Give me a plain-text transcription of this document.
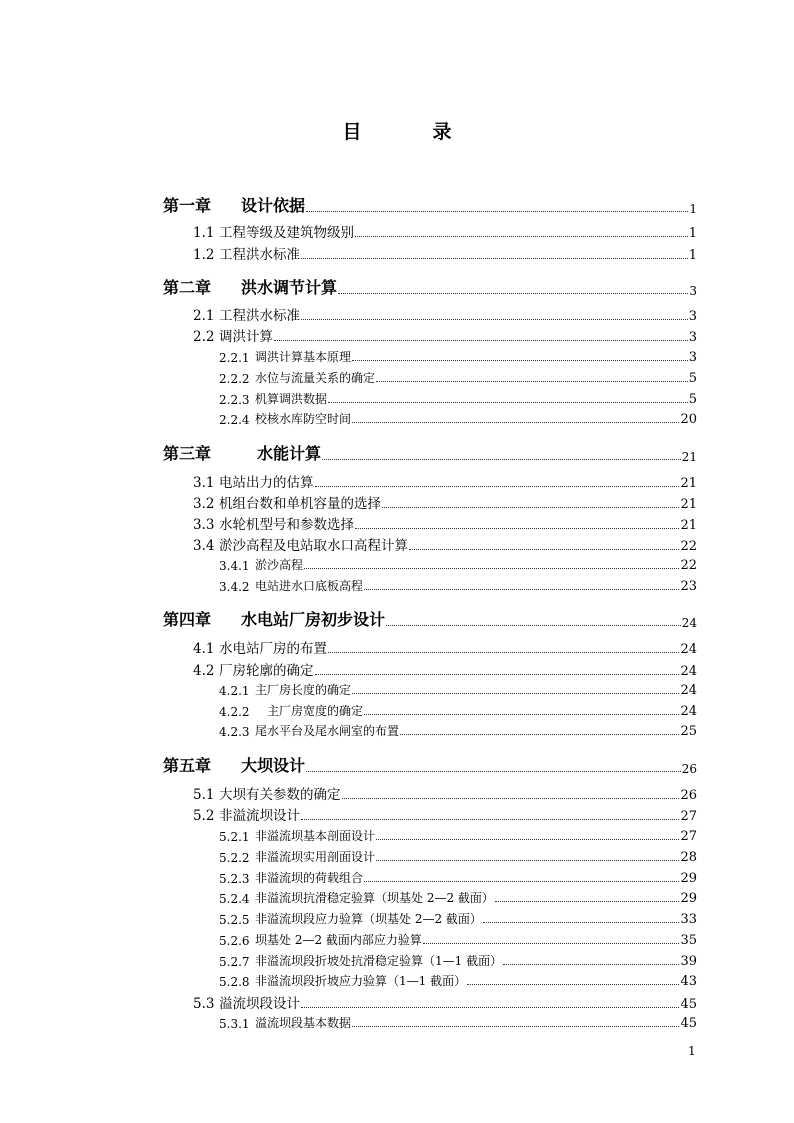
目　录
第一章	设计依据	1
1.1 工程等级及建筑物级别	1
1.2 工程洪水标准	1
第二章	洪水调节计算	3
2.1 工程洪水标准	3
2.2 调洪计算	3
2.2.1 调洪计算基本原理	3
2.2.2 水位与流量关系的确定	5
2.2.3 机算调洪数据	5
2.2.4 校核水库防空时间	20
第三章	　水能计算	21
3.1 电站出力的估算	21
3.2 机组台数和单机容量的选择	21
3.3 水轮机型号和参数选择	21
3.4 淤沙高程及电站取水口高程计算	22
3.4.1 淤沙高程	22
3.4.2 电站进水口底板高程	23
第四章	水电站厂房初步设计	24
4.1 水电站厂房的布置	24
4.2 厂房轮廓的确定	24
4.2.1 主厂房长度的确定	24
4.2.2 　主厂房宽度的确定	24
4.2.3 尾水平台及尾水闸室的布置	25
第五章	大坝设计	26
5.1 大坝有关参数的确定	26
5.2 非溢流坝设计	27
5.2.1 非溢流坝基本剖面设计	27
5.2.2 非溢流坝实用剖面设计	28
5.2.3 非溢流坝的荷载组合	29
5.2.4 非溢流坝抗滑稳定验算（坝基处 2—2 截面）	29
5.2.5 非溢流坝段应力验算（坝基处 2—2 截面）	33
5.2.6 坝基处 2—2 截面内部应力验算	35
5.2.7 非溢流坝段折坡处抗滑稳定验算（1—1 截面）	39
5.2.8 非溢流坝段折坡应力验算（1—1 截面）	43
5.3 溢流坝段设计	45
5.3.1 溢流坝段基本数据	45
1
